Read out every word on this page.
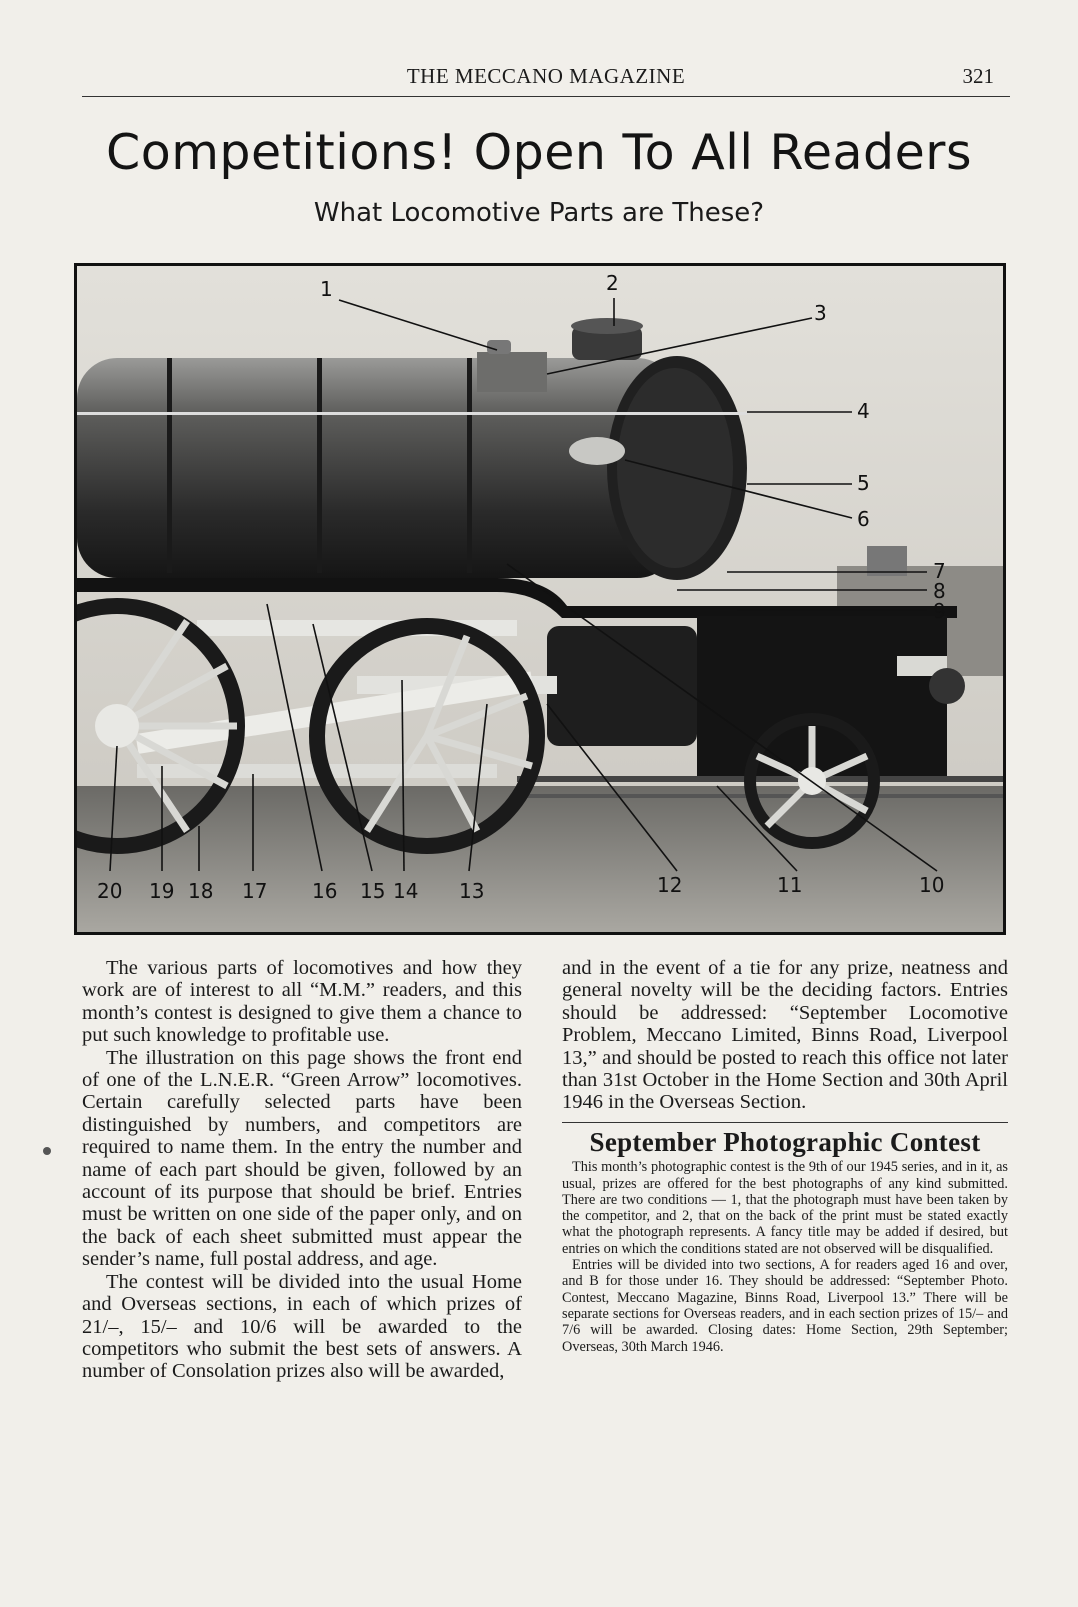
THE MECCANO MAGAZINE	321
Competitions! Open To All Readers
What Locomotive Parts are These?
1	2
3
4
5
6
7
8
9
10
11
12
13
14
15
16
17
18
19
20

The various parts of locomotives and how they work are of interest to all “M.M.” readers, and this month’s contest is designed to give them a chance to put such knowledge to profitable use.

The illustration on this page shows the front end of one of the L.N.E.R. “Green Arrow” locomotives. Certain carefully selected parts have been distinguished by numbers, and competitors are required to name them. In the entry the number and name of each part should be given, followed by an account of its purpose that should be brief. Entries must be written on one side of the paper only, and on the back of each sheet submitted must appear the sender’s name, full postal address, and age.

The contest will be divided into the usual Home and Overseas sections, in each of which prizes of 21/–, 15/– and 10/6 will be awarded to the competitors who submit the best sets of answers. A number of Consolation prizes also will be awarded,

and in the event of a tie for any prize, neatness and general novelty will be the deciding factors. Entries should be addressed: “September Locomotive Problem, Meccano Limited, Binns Road, Liverpool 13,” and should be posted to reach this office not later than 31st October in the Home Section and 30th April 1946 in the Overseas Section.

September Photographic Contest

This month’s photographic contest is the 9th of our 1945 series, and in it, as usual, prizes are offered for the best photographs of any kind submitted. There are two conditions — 1, that the photograph must have been taken by the competitor, and 2, that on the back of the print must be stated exactly what the photograph represents. A fancy title may be added if desired, but entries on which the conditions stated are not observed will be disqualified.

Entries will be divided into two sections, A for readers aged 16 and over, and B for those under 16. They should be addressed: “September Photo. Contest, Meccano Magazine, Binns Road, Liverpool 13.” There will be separate sections for Overseas readers, and in each section prizes of 15/– and 7/6 will be awarded. Closing dates: Home Section, 29th September; Overseas, 30th March 1946.
